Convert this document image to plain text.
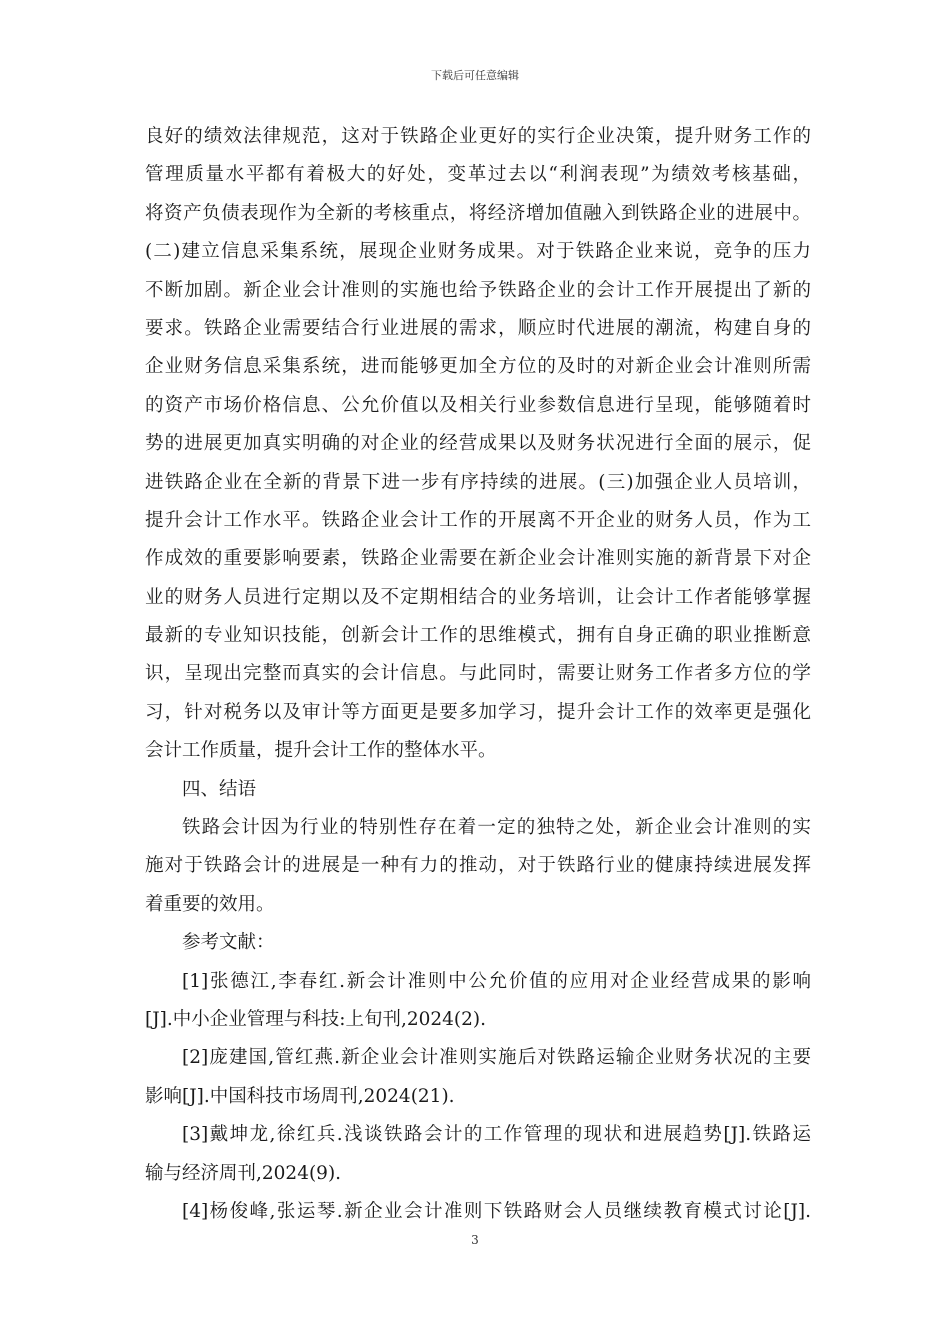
下载后可任意编辑
良好的绩效法律规范，这对于铁路企业更好的实行企业决策，提升财务工作的
管理质量水平都有着极大的好处，变革过去以“利润表现”为绩效考核基础，
将资产负债表现作为全新的考核重点，将经济增加值融入到铁路企业的进展中。
(二)建立信息采集系统，展现企业财务成果。对于铁路企业来说，竞争的压力
不断加剧。新企业会计准则的实施也给予铁路企业的会计工作开展提出了新的
要求。铁路企业需要结合行业进展的需求，顺应时代进展的潮流，构建自身的
企业财务信息采集系统，进而能够更加全方位的及时的对新企业会计准则所需
的资产市场价格信息、公允价值以及相关行业参数信息进行呈现，能够随着时
势的进展更加真实明确的对企业的经营成果以及财务状况进行全面的展示，促
进铁路企业在全新的背景下进一步有序持续的进展。(三)加强企业人员培训，
提升会计工作水平。铁路企业会计工作的开展离不开企业的财务人员，作为工
作成效的重要影响要素，铁路企业需要在新企业会计准则实施的新背景下对企
业的财务人员进行定期以及不定期相结合的业务培训，让会计工作者能够掌握
最新的专业知识技能，创新会计工作的思维模式，拥有自身正确的职业推断意
识，呈现出完整而真实的会计信息。与此同时，需要让财务工作者多方位的学
习，针对税务以及审计等方面更是要多加学习，提升会计工作的效率更是强化
会计工作质量，提升会计工作的整体水平。
四、结语
铁路会计因为行业的特别性存在着一定的独特之处，新企业会计准则的实
施对于铁路会计的进展是一种有力的推动，对于铁路行业的健康持续进展发挥
着重要的效用。
参考文献：
[1]张德江,李春红.新会计准则中公允价值的应用对企业经营成果的影响
[J].中小企业管理与科技:上旬刊,2024(2).
[2]庞建国,管红燕.新企业会计准则实施后对铁路运输企业财务状况的主要
影响[J].中国科技市场周刊,2024(21).
[3]戴坤龙,徐红兵.浅谈铁路会计的工作管理的现状和进展趋势[J].铁路运
输与经济周刊,2024(9).
[4]杨俊峰,张运琴.新企业会计准则下铁路财会人员继续教育模式讨论[J].
3
